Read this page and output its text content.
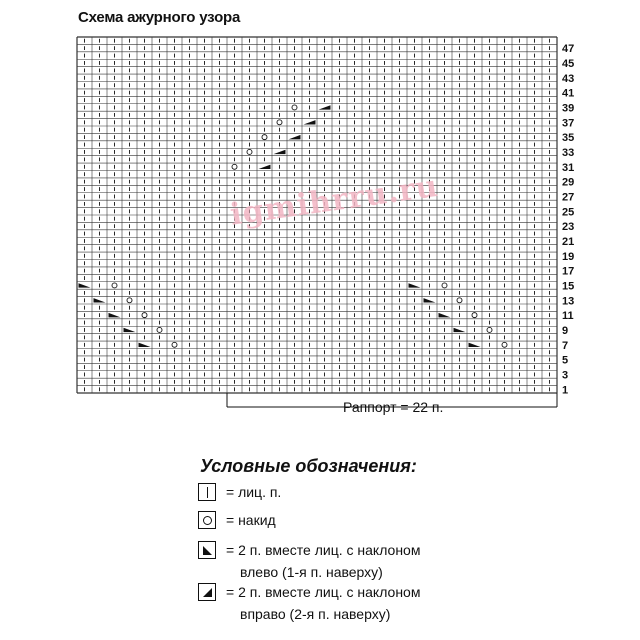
Схема ажурного узора
47
45
43
41
39
37
35
33
31
29
27
25
23
21
19
17
15
13
11
9
7
5
3
1
igmihrru.ru
Раппорт = 22 п.
Условные обозначения:
= лиц. п.
= накид
= 2 п. вместе лиц. с наклоном
влево (1-я п. наверху)
= 2 п. вместе лиц. с наклоном
вправо (2-я п. наверху)
